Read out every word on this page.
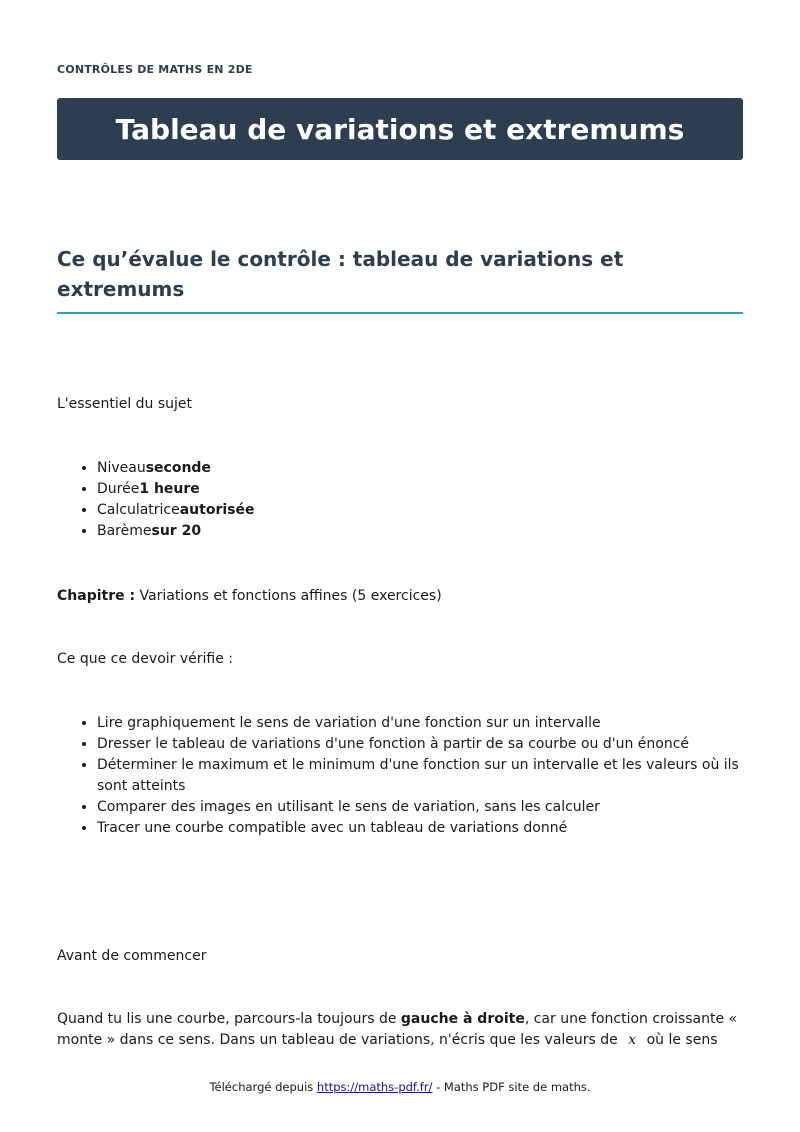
CONTRÔLES DE MATHS EN 2DE
Tableau de variations et extremums
Ce qu’évalue le contrôle : tableau de variations et extremums

L'essentiel du sujet

• Niveauseconde
• Durée1 heure
• Calculatriceautorisée
• Barèmesur 20

Chapitre : Variations et fonctions affines (5 exercices)

Ce que ce devoir vérifie :

• Lire graphiquement le sens de variation d'une fonction sur un intervalle
• Dresser le tableau de variations d'une fonction à partir de sa courbe ou d'un énoncé
• Déterminer le maximum et le minimum d'une fonction sur un intervalle et les valeurs où ils sont atteints
• Comparer des images en utilisant le sens de variation, sans les calculer
• Tracer une courbe compatible avec un tableau de variations donné

Avant de commencer

Quand tu lis une courbe, parcours-la toujours de gauche à droite, car une fonction croissante « monte » dans ce sens. Dans un tableau de variations, n'écris que les valeurs de x où le sens

Téléchargé depuis https://maths-pdf.fr/ - Maths PDF site de maths.
